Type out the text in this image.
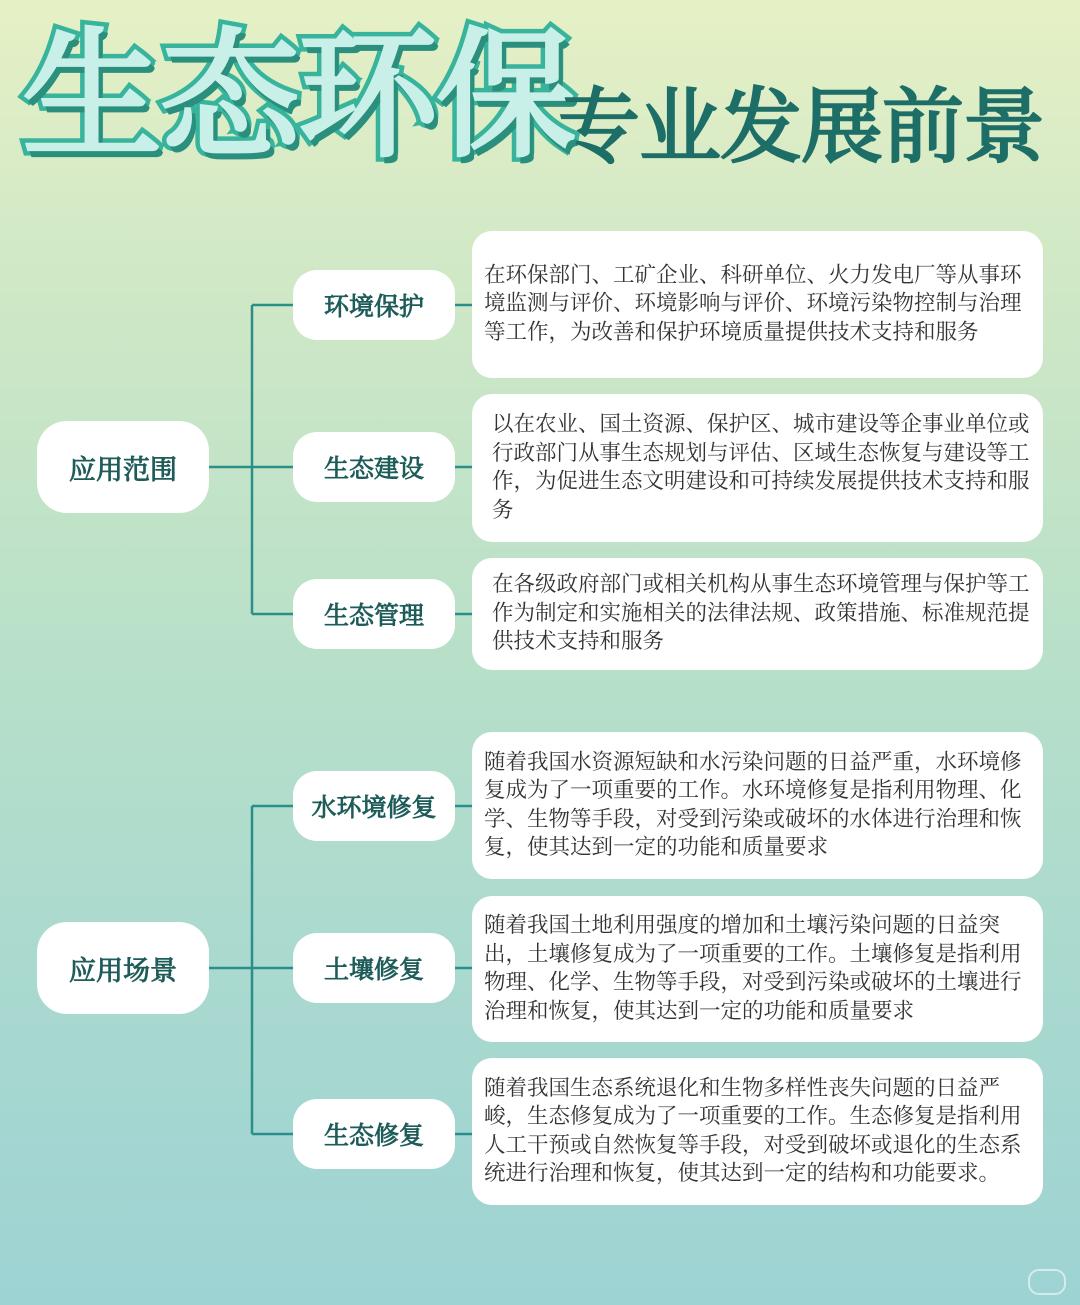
生态环保
专业发展前景
应用范围
环境保护
在环保部门、工矿企业、科研单位、火力发电厂等从事环境监测与评价、环境影响与评价、环境污染物控制与治理等工作，为改善和保护环境质量提供技术支持和服务
生态建设
以在农业、国土资源、保护区、城市建设等企事业单位或行政部门从事生态规划与评估、区域生态恢复与建设等工作，为促进生态文明建设和可持续发展提供技术支持和服务
生态管理
在各级政府部门或相关机构从事生态环境管理与保护等工作为制定和实施相关的法律法规、政策措施、标准规范提供技术支持和服务
应用场景
水环境修复
随着我国水资源短缺和水污染问题的日益严重，水环境修复成为了一项重要的工作。水环境修复是指利用物理、化学、生物等手段，对受到污染或破坏的水体进行治理和恢复，使其达到一定的功能和质量要求
土壤修复
随着我国土地利用强度的增加和土壤污染问题的日益突出，土壤修复成为了一项重要的工作。土壤修复是指利用物理、化学、生物等手段，对受到污染或破坏的土壤进行治理和恢复，使其达到一定的功能和质量要求
生态修复
随着我国生态系统退化和生物多样性丧失问题的日益严峻，生态修复成为了一项重要的工作。生态修复是指利用人工干预或自然恢复等手段，对受到破坏或退化的生态系统进行治理和恢复，使其达到一定的结构和功能要求。
